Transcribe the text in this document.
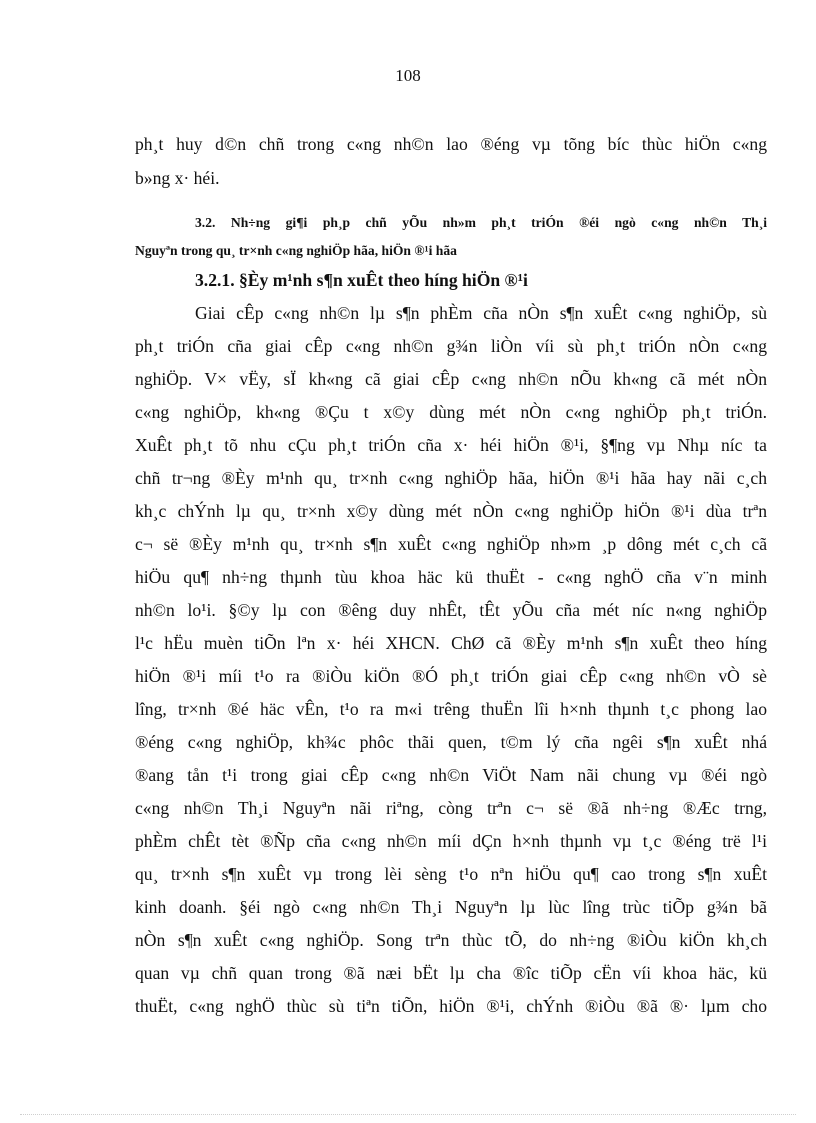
108
ph¸t huy d©n chñ trong c«ng nh©n lao ®éng vµ tõng bíc thùc hiÖn c«ng
b»ng x· héi.
3.2. Nh÷ng gi¶i ph¸p chñ yÕu nh»m ph¸t triÓn ®éi ngò c«ng nh©n Th¸i
Nguyªn trong qu¸ tr×nh c«ng nghiÖp hãa, hiÖn ®¹i hãa
3.2.1. §Èy m¹nh s¶n xuÊt theo híng hiÖn ®¹i
Giai cÊp c«ng nh©n lµ s¶n phÈm cña nÒn s¶n xuÊt c«ng nghiÖp, sù
ph¸t triÓn cña giai cÊp c«ng nh©n g¾n liÒn víi sù ph¸t triÓn nÒn c«ng
nghiÖp. V× vËy, sÏ kh«ng cã giai cÊp c«ng nh©n nÕu kh«ng cã mét nÒn
c«ng nghiÖp, kh«ng ®Çu t x©y dùng mét nÒn c«ng nghiÖp ph¸t triÓn.
XuÊt ph¸t tõ nhu cÇu ph¸t triÓn cña x· héi hiÖn ®¹i, §¶ng vµ Nhµ níc ta
chñ tr¬ng ®Èy m¹nh qu¸ tr×nh c«ng nghiÖp hãa, hiÖn ®¹i hãa hay nãi c¸ch
kh¸c chÝnh lµ qu¸ tr×nh x©y dùng mét nÒn c«ng nghiÖp hiÖn ®¹i dùa trªn
c¬ së ®Èy m¹nh qu¸ tr×nh s¶n xuÊt c«ng nghiÖp nh»m ¸p dông mét c¸ch cã
hiÖu qu¶ nh÷ng thµnh tùu khoa häc kü thuËt - c«ng nghÖ cña v¨n minh
nh©n lo¹i. §©y lµ con ®êng duy nhÊt, tÊt yÕu cña mét níc n«ng nghiÖp
l¹c hËu muèn tiÕn lªn x· héi XHCN. ChØ cã ®Èy m¹nh s¶n xuÊt theo híng
hiÖn ®¹i míi t¹o ra ®iÒu kiÖn ®Ó ph¸t triÓn giai cÊp c«ng nh©n vÒ sè
lîng, tr×nh ®é häc vÊn, t¹o ra m«i trêng thuËn lîi h×nh thµnh t¸c phong lao
®éng c«ng nghiÖp, kh¾c phôc thãi quen, t©m lý cña ngêi s¶n xuÊt nhá
®ang tån t¹i trong giai cÊp c«ng nh©n ViÖt Nam nãi chung vµ ®éi ngò
c«ng nh©n Th¸i Nguyªn nãi riªng, còng trªn c¬ së ®ã nh÷ng ®Æc trng,
phÈm chÊt tèt ®Ñp cña c«ng nh©n míi dÇn h×nh thµnh vµ t¸c ®éng trë l¹i
qu¸ tr×nh s¶n xuÊt vµ trong lèi sèng t¹o nªn hiÖu qu¶ cao trong s¶n xuÊt
kinh doanh. §éi ngò c«ng nh©n Th¸i Nguyªn lµ lùc lîng trùc tiÕp g¾n bã
nÒn s¶n xuÊt c«ng nghiÖp. Song trªn thùc tÕ, do nh÷ng ®iÒu kiÖn kh¸ch
quan vµ chñ quan trong ®ã næi bËt lµ cha ®îc tiÕp cËn víi khoa häc, kü
thuËt, c«ng nghÖ thùc sù tiªn tiÕn, hiÖn ®¹i, chÝnh ®iÒu ®ã ®· lµm cho
